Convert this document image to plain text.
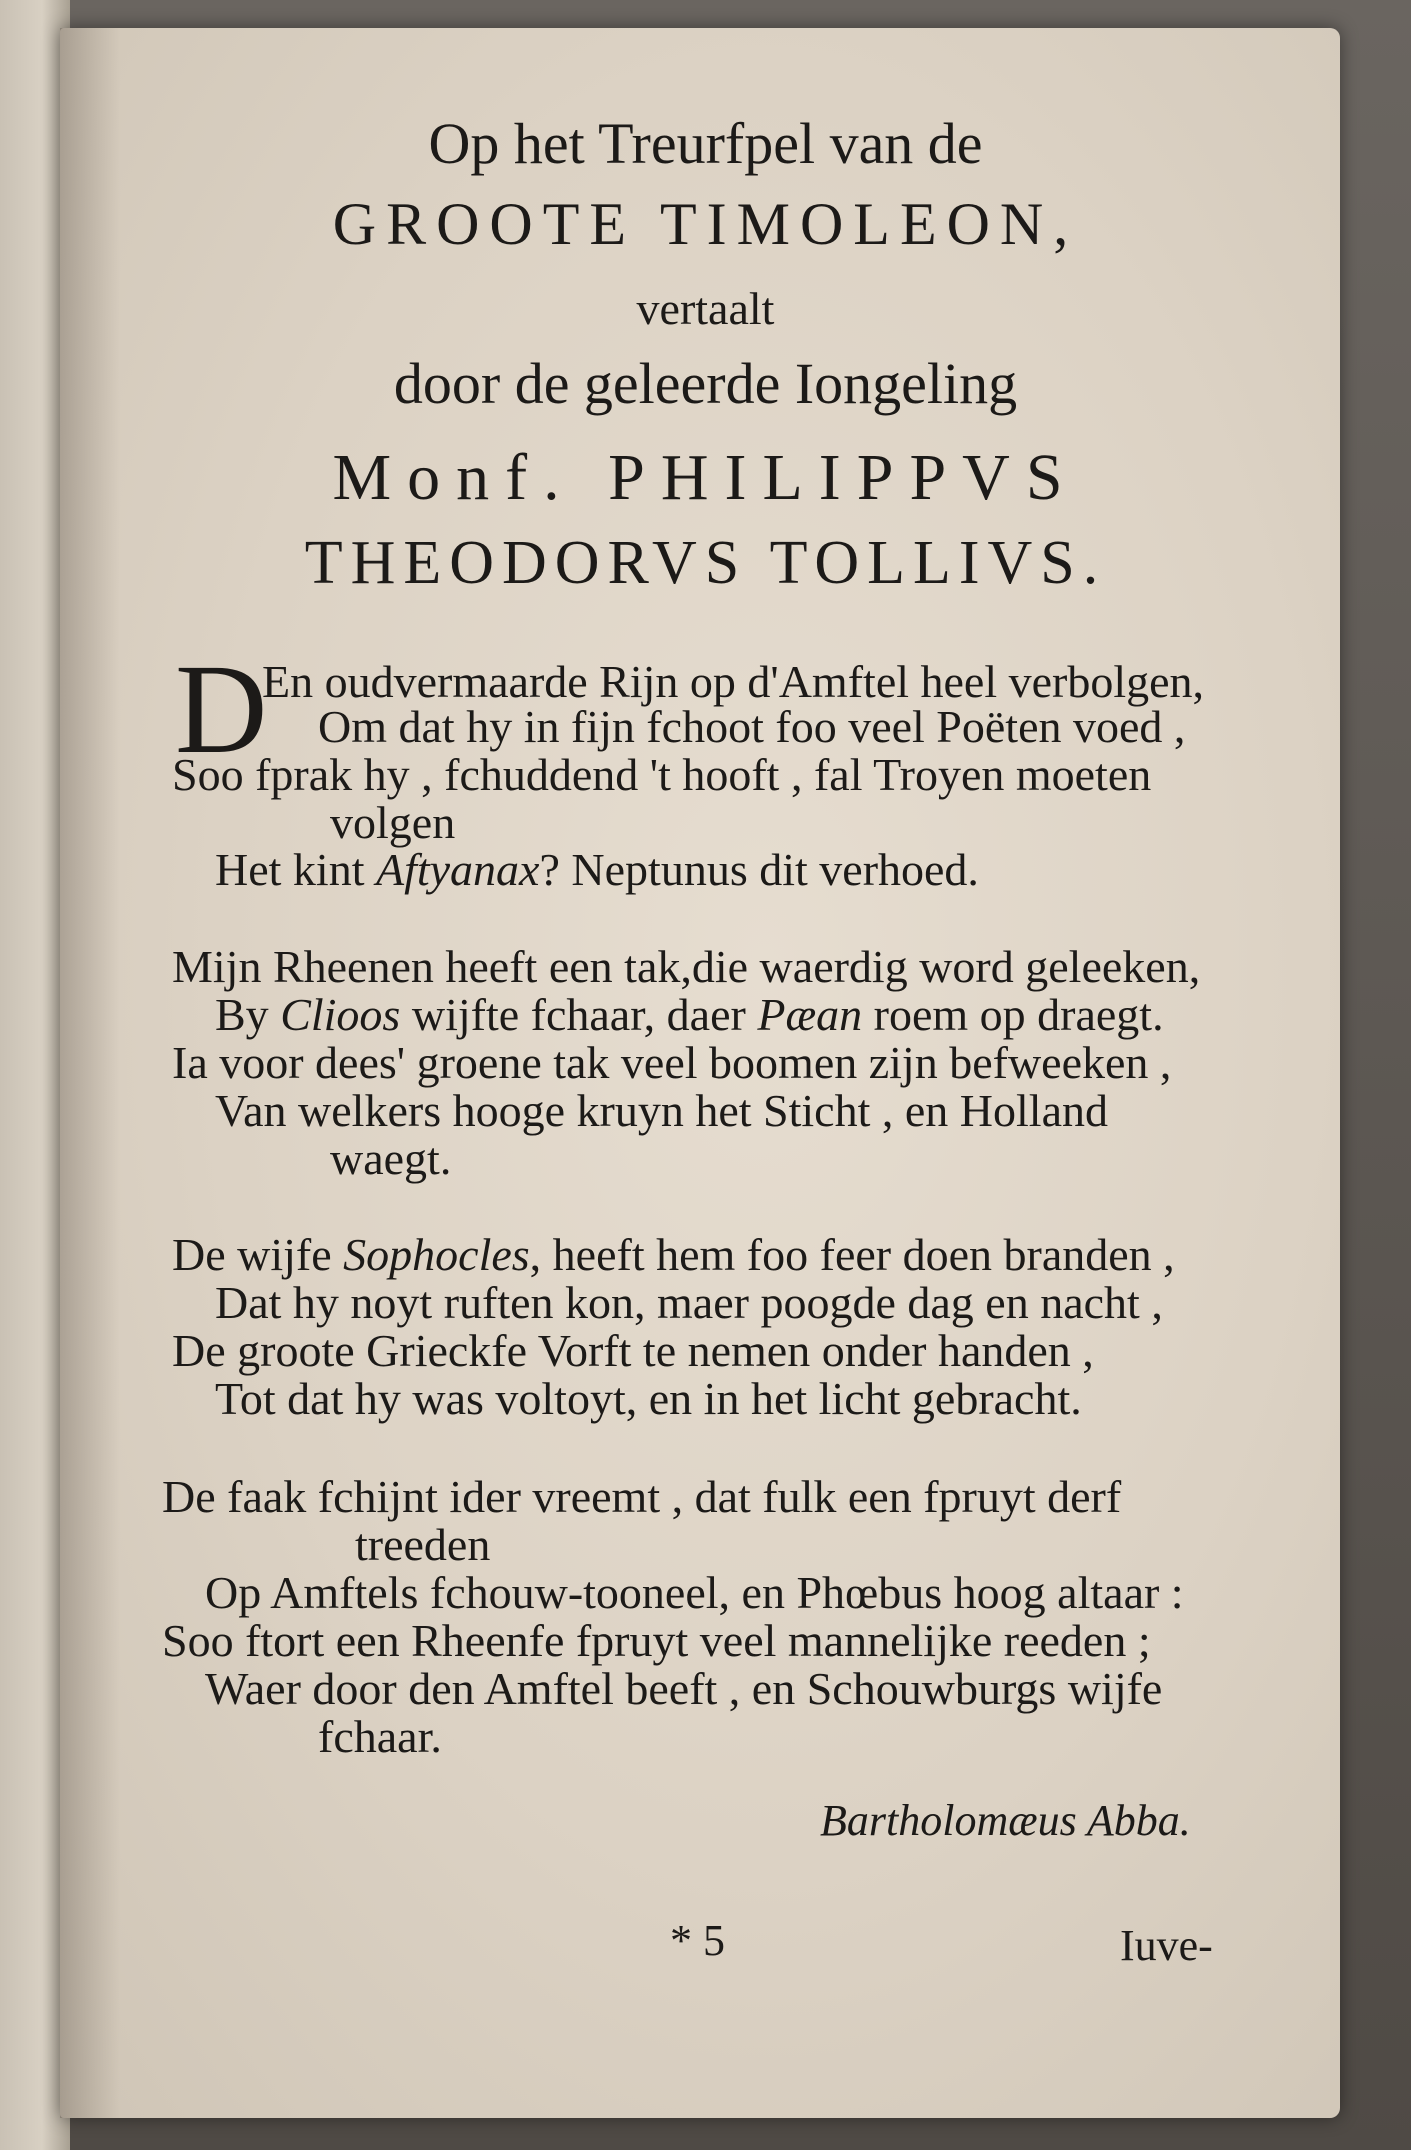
Op het Treurfpel van de
GROOTE TIMOLEON,
vertaalt
door de geleerde Iongeling
Monf. PHILIPPVS
THEODORVS TOLLIVS.
D
En oudvermaarde Rijn op d'Amftel heel verbolgen,
Om dat hy in fijn fchoot foo veel Poëten voed ,
Soo fprak hy , fchuddend 't hooft , fal Troyen moeten
volgen
Het kint Aftyanax? Neptunus dit verhoed.
Mijn Rheenen heeft een tak,die waerdig word geleeken,
By Clioos wijfte fchaar, daer Pæan roem op draegt.
Ia voor dees' groene tak veel boomen zijn befweeken ,
Van welkers hooge kruyn het Sticht , en Holland
waegt.
De wijfe Sophocles, heeft hem foo feer doen branden ,
Dat hy noyt ruften kon, maer poogde dag en nacht ,
De groote Grieckfe Vorft te nemen onder handen ,
Tot dat hy was voltoyt, en in het licht gebracht.
De faak fchijnt ider vreemt , dat fulk een fpruyt derf
treeden
Op Amftels fchouw-tooneel, en Phœbus hoog altaar :
Soo ftort een Rheenfe fpruyt veel mannelijke reeden ;
Waer door den Amftel beeft , en Schouwburgs wijfe
fchaar.
Bartholomæus Abba.
* 5	Iuve-
